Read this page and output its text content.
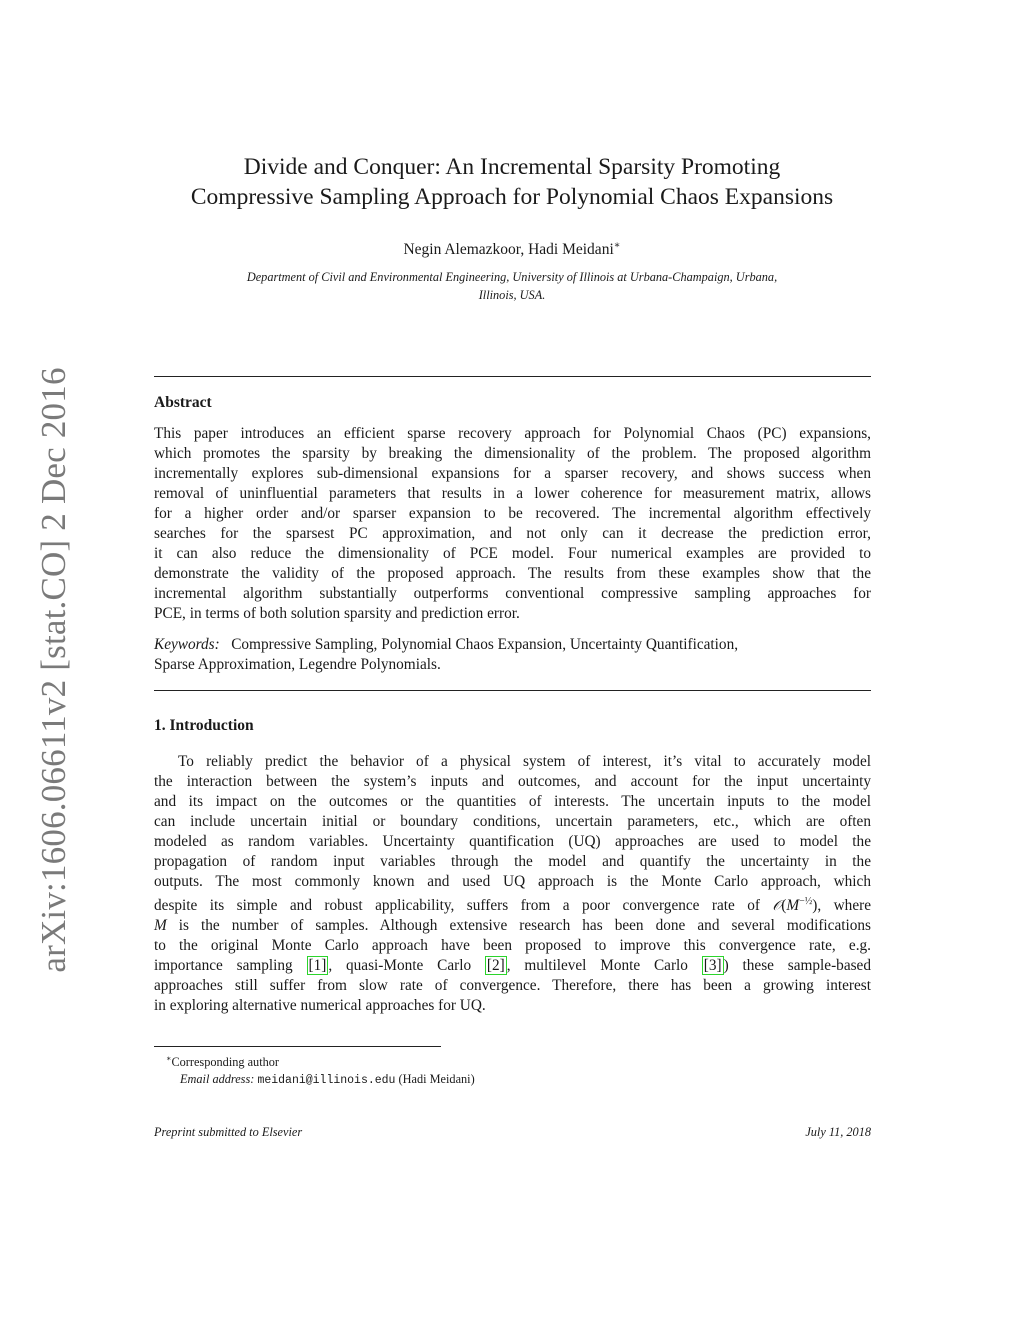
arXiv:1606.06611v2 [stat.CO] 2 Dec 2016
Divide and Conquer: An Incremental Sparsity Promoting
Compressive Sampling Approach for Polynomial Chaos Expansions
Negin Alemazkoor, Hadi Meidani∗
Department of Civil and Environmental Engineering, University of Illinois at Urbana-Champaign, Urbana,
Illinois, USA.
Abstract
This paper introduces an efficient sparse recovery approach for Polynomial Chaos (PC) expansions,
which promotes the sparsity by breaking the dimensionality of the problem. The proposed algorithm
incrementally explores sub-dimensional expansions for a sparser recovery, and shows success when
removal of uninfluential parameters that results in a lower coherence for measurement matrix, allows
for a higher order and/or sparser expansion to be recovered. The incremental algorithm effectively
searches for the sparsest PC approximation, and not only can it decrease the prediction error,
it can also reduce the dimensionality of PCE model. Four numerical examples are provided to
demonstrate the validity of the proposed approach. The results from these examples show that the
incremental algorithm substantially outperforms conventional compressive sampling approaches for
PCE, in terms of both solution sparsity and prediction error.
Keywords: Compressive Sampling, Polynomial Chaos Expansion, Uncertainty Quantification,
Sparse Approximation, Legendre Polynomials.
1. Introduction
To reliably predict the behavior of a physical system of interest, it’s vital to accurately model
the interaction between the system’s inputs and outcomes, and account for the input uncertainty
and its impact on the outcomes or the quantities of interests. The uncertain inputs to the model
can include uncertain initial or boundary conditions, uncertain parameters, etc., which are often
modeled as random variables. Uncertainty quantification (UQ) approaches are used to model the
propagation of random input variables through the model and quantify the uncertainty in the
outputs. The most commonly known and used UQ approach is the Monte Carlo approach, which
despite its simple and robust applicability, suffers from a poor convergence rate of $𝒪(M^{-\frac{1}{2}})$, where
M is the number of samples. Although extensive research has been done and several modifications
to the original Monte Carlo approach have been proposed to improve this convergence rate, e.g.
importance sampling [1] , quasi-Monte Carlo [2] , multilevel Monte Carlo [3] ) these sample-based
approaches still suffer from slow rate of convergence. Therefore, there has been a growing interest
in exploring alternative numerical approaches for UQ.
∗Corresponding author
Email address: meidani@illinois.edu (Hadi Meidani)
Preprint submitted to Elsevier	July 11, 2018
